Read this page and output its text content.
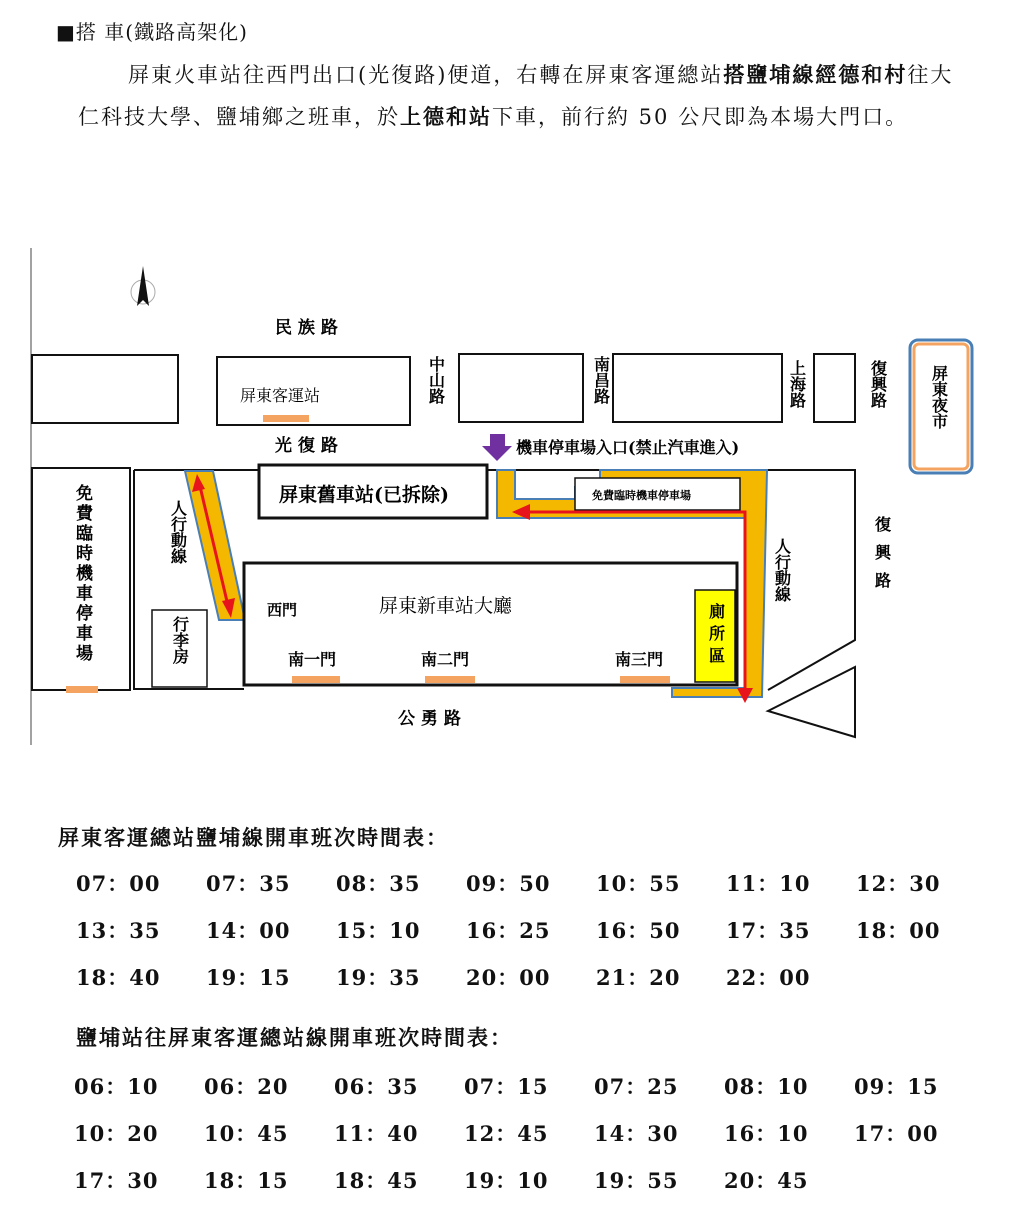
■搭 車(鐵路高架化)
屏東火車站往西門出口(光復路)便道，右轉在屏東客運總站搭鹽埔線經德和村往大仁科技大學、鹽埔鄉之班車，於上德和站下車，前行約 50 公尺即為本場大門口。
民 族 路
光 復 路
公 勇 路
屏東客運站
屏東舊車站(已拆除)
機車停車場入口(禁止汽車進入)
免費臨時機車停車場
西門	屏東新車站大廳
南一門	南二門	南三門
中山路	南昌路	上海路	復興路
復興路
屏東夜市
免費臨時機車停車場	人行動線
人行動線
行李房	廁所區
屏東客運總站鹽埔線開車班次時間表：
07：00	07：35	08：35	09：50	10：55	11：10	12：30
13：35	14：00	15：10	16：25	16：50	17：35	18：00
18：40	19：15	19：35	20：00	21：20	22：00
鹽埔站往屏東客運總站線開車班次時間表：
06：10	06：20	06：35	07：15	07：25	08：10	09：15
10：20	10：45	11：40	12：45	14：30	16：10	17：00
17：30	18：15	18：45	19：10	19：55	20：45
